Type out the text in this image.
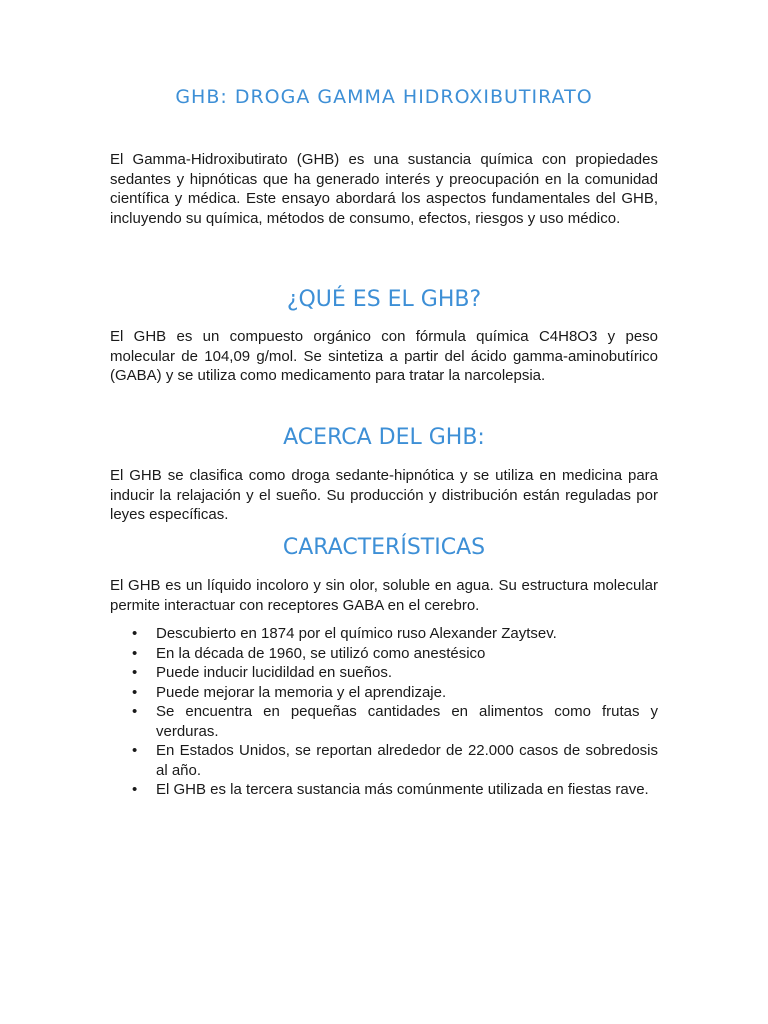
GHB: DROGA GAMMA HIDROXIBUTIRATO

El Gamma-Hidroxibutirato (GHB) es una sustancia química con propiedades sedantes y hipnóticas que ha generado interés y preocupación en la comunidad científica y médica. Este ensayo abordará los aspectos fundamentales del GHB, incluyendo su química, métodos de consumo, efectos, riesgos y uso médico.

¿QUÉ ES EL GHB?

El GHB es un compuesto orgánico con fórmula química C4H8O3 y peso molecular de 104,09 g/mol. Se sintetiza a partir del ácido gamma-aminobutírico (GABA) y se utiliza como medicamento para tratar la narcolepsia.

ACERCA DEL GHB:

El GHB se clasifica como droga sedante-hipnótica y se utiliza en medicina para inducir la relajación y el sueño. Su producción y distribución están reguladas por leyes específicas.

CARACTERÍSTICAS

El GHB es un líquido incoloro y sin olor, soluble en agua. Su estructura molecular permite interactuar con receptores GABA en el cerebro.

• Descubierto en 1874 por el químico ruso Alexander Zaytsev.
• En la década de 1960, se utilizó como anestésico
• Puede inducir lucidildad en sueños.
• Puede mejorar la memoria y el aprendizaje.
• Se encuentra en pequeñas cantidades en alimentos como frutas y verduras.
• En Estados Unidos, se reportan alrededor de 22.000 casos de sobredosis al año.
• El GHB es la tercera sustancia más comúnmente utilizada en fiestas rave.
